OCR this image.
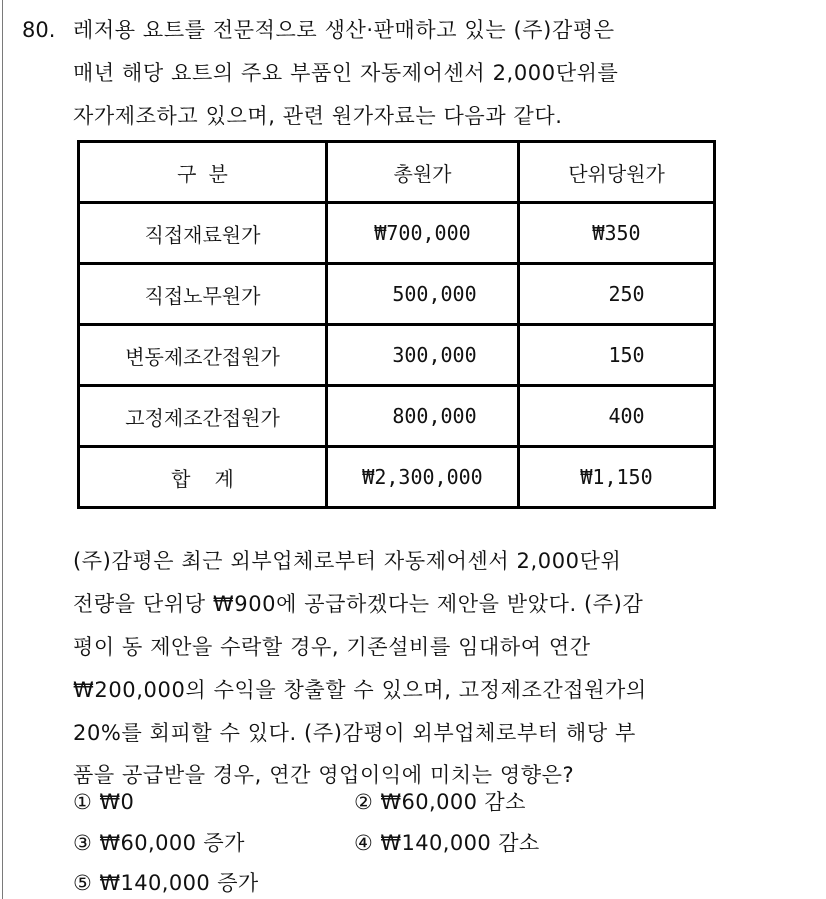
80. 레저용 요트를 전문적으로 생산·판매하고 있는 (주)감평은
매년 해당 요트의 주요 부품인 자동제어센서 2,000단위를
자가제조하고 있으며, 관련 원가자료는 다음과 같다.
구 분	총원가	단위당원가
직접재료원가	₩700,000	₩350
직접노무원가	500,000	250
변동제조간접원가	300,000	150
고정제조간접원가	800,000	400
합  계	₩2,300,000	₩1,150
(주)감평은 최근 외부업체로부터 자동제어센서 2,000단위
전량을 단위당 ₩900에 공급하겠다는 제안을 받았다. (주)감
평이 동 제안을 수락할 경우, 기존설비를 임대하여 연간
₩200,000의 수익을 창출할 수 있으며, 고정제조간접원가의
20%를 회피할 수 있다. (주)감평이 외부업체로부터 해당 부
품을 공급받을 경우, 연간 영업이익에 미치는 영향은?
① ₩0	② ₩60,000 감소
③ ₩60,000 증가	④ ₩140,000 감소
⑤ ₩140,000 증가
